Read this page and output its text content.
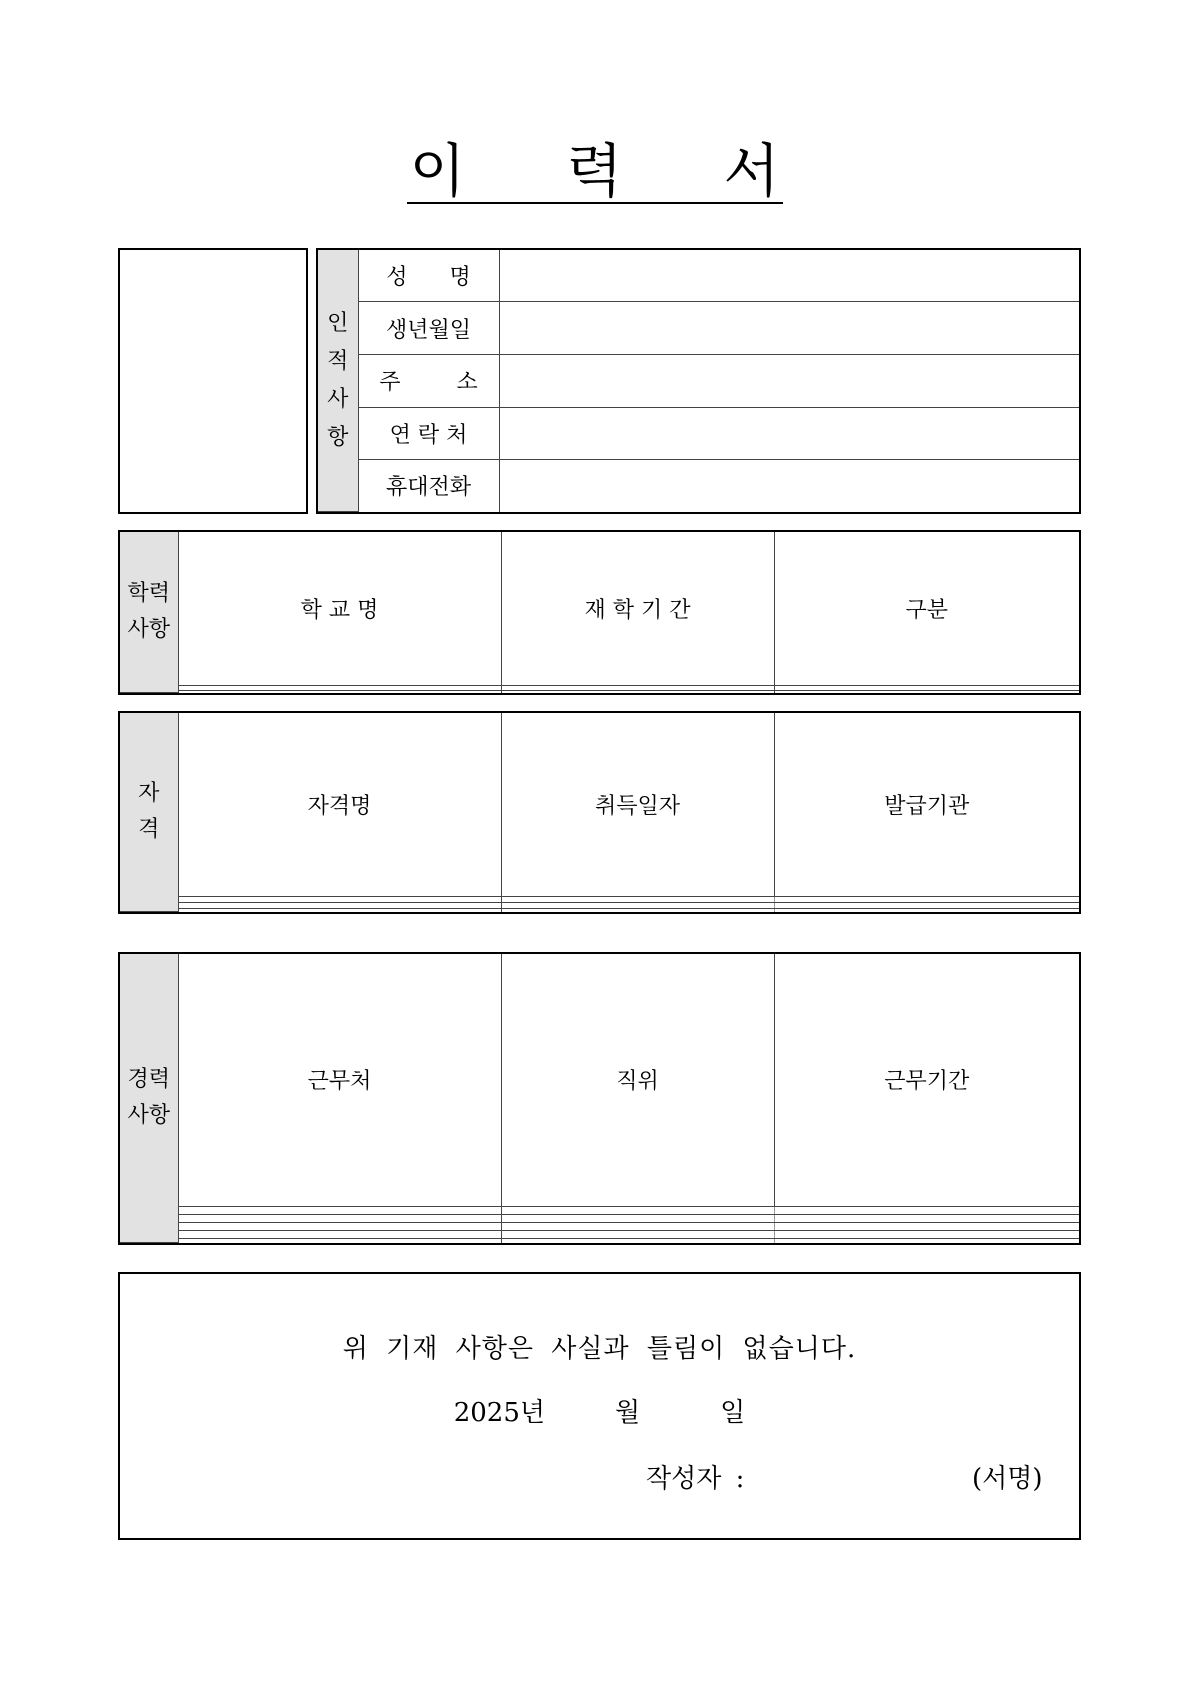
이 력 서
인
적
사
항	성      명	
	생년월일	
	주        소	
	연 락 처	
	휴대전화	
학력
사항	학 교 명	재 학 기 간	구분

자
격	자격명	취득일자	발급기관

경력
사항	근무처	직위	근무기간

위 기재 사항은 사실과 틀림이 없습니다.
2025년	월	일
작성자 :	(서명)
